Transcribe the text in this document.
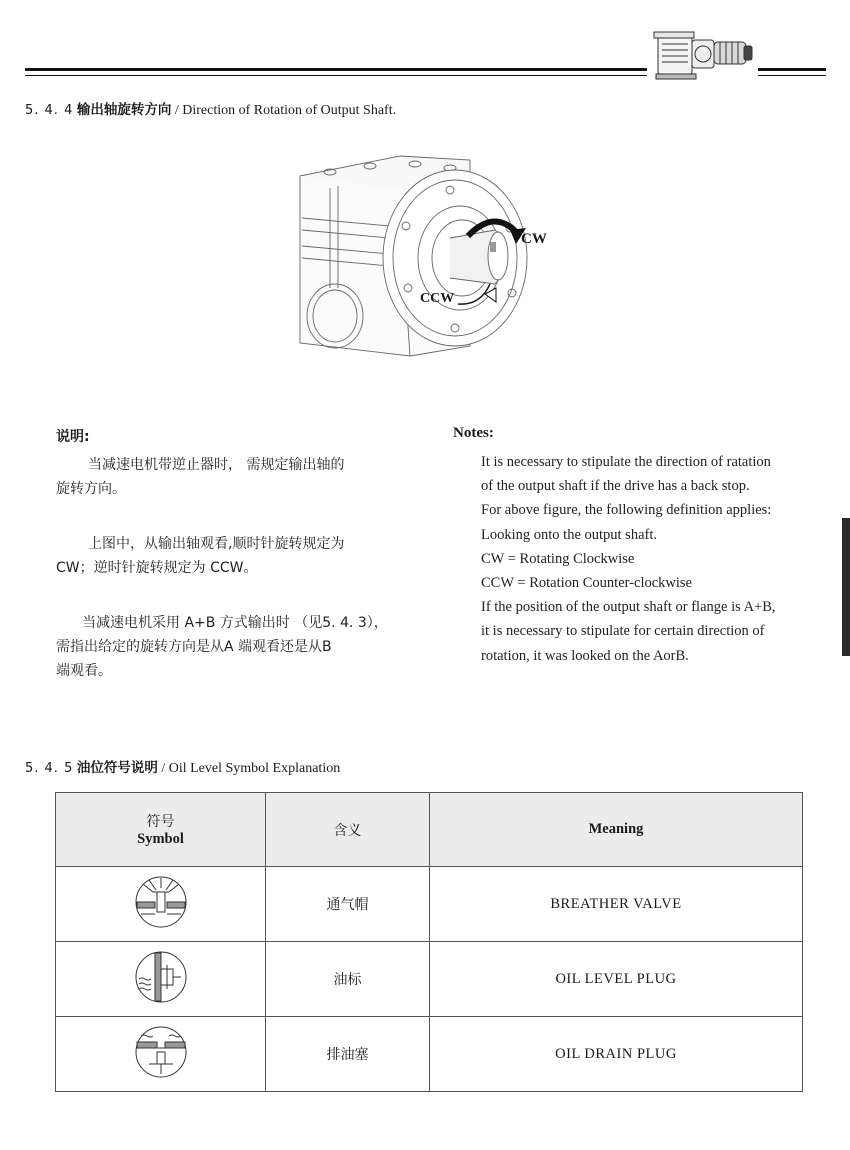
5. 4. 4 输出轴旋转方向 / Direction of Rotation of Output Shaft.
CW
CCW
说明:
当减速电机带逆止器时， 需规定输出轴的
旋转方向。
上图中，从输出轴观看,顺时针旋转规定为
CW；逆时针旋转规定为 CCW。
当减速电机采用 A+B 方式输出时 （见5. 4. 3），
需指出给定的旋转方向是从A 端观看还是从B
端观看。
Notes:
It is necessary to stipulate the direction of ratation
of the output shaft if the drive has a back stop.
For above figure, the following definition applies:
Looking onto the output shaft.
CW = Rotating Clockwise
CCW = Rotation Counter-clockwise
If the position of the output shaft or flange is A+B,
it is necessary to stipulate for certain direction of
rotation, it was looked on the AorB.
5. 4. 5 油位符号说明 / Oil Level Symbol Explanation
符号
Symbol	含义	Meaning

	通气帽	BREATHER VALVE
	油标	OIL LEVEL PLUG
	排油塞	OIL DRAIN PLUG
